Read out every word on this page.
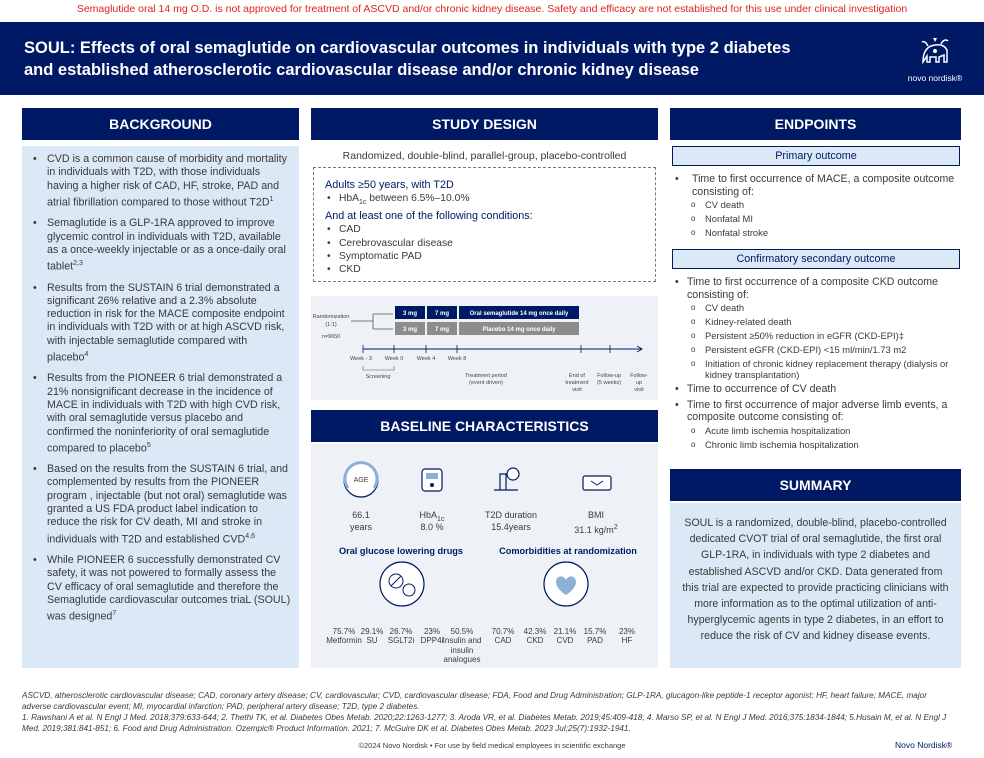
Semaglutide oral 14 mg O.D. is not approved for treatment of ASCVD and/or chronic kidney disease. Safety and efficacy are not established for this use under clinical investigation
SOUL: Effects of oral semaglutide on cardiovascular outcomes in individuals with type 2 diabetes
and established atherosclerotic cardiovascular disease and/or chronic kidney disease	novo nordisk®
BACKGROUND
• CVD is a common cause of morbidity and mortality in individuals with T2D, with those individuals having a higher risk of CAD, HF, stroke, PAD and atrial fibrillation compared to those without $T2D^1$
• Semaglutide is a GLP-1RA approved to improve glycemic control in individuals with T2D, available as a once-weekly injectable or as a once-daily oral tablet$^{2,3}$
• Results from the SUSTAIN 6 trial demonstrated a significant 26% relative and a 2.3% absolute reduction in risk for the MACE composite endpoint in individuals with T2D with or at high ASCVD risk, with injectable semaglutide compared with placebo$^4$
• Results from the PIONEER 6 trial demonstrated a 21% nonsignificant decrease in the incidence of MACE in individuals with T2D with high CVD risk, with oral semaglutide versus placebo and confirmed the noninferiority of oral semaglutide compared to placebo$^5$
• Based on the results from the SUSTAIN 6 trial, and complemented by results from the PIONEER program , injectable (but not oral) semaglutide was granted a US FDA product label indication to reduce the risk for CV death, MI and stroke in individuals with T2D and established CVD$^{4,6}$
• While PIONEER 6 successfully demonstrated CV safety, it was not powered to formally assess the CV efficacy of oral semaglutide and therefore the Semaglutide cardiovascular outcomes triaL (SOUL) was designed$^7$
STUDY DESIGN
Randomized, double-blind, parallel-group, placebo-controlled
Adults ≥50 years, with T2D
• HbA$_{1c}$ between 6.5%–10.0%
And at least one of the following conditions:
• CAD
• Cerebrovascular disease
• Symptomatic PAD
• CKD
Randomization
(1:1)
n=9650
3 mg	7 mg	Oral semaglutide 14 mg once daily
3 mg	7 mg	Placebo 14 mg once daily
Week - 3 Week 0 Week 4 Week 8
Screening	Treatment period
(event driven)
End of
treatment
visit
Follow-up
(5 weeks)
Follow-
up
visit
BASELINE CHARACTERISTICS
AGE
66.1
years
HbA$_{1c}$
8.0 %
T2D duration
15.4years
BMI
31.1 $kg/m^2$
Oral glucose lowering drugs	Comorbidities at randomization
75.7%
Metformin
29.1%
SU
26.7%
SGLT2i
23%
DPP4i
50.5%
Insulin and insulin analogues
70.7%
CAD
42.3%
CKD
21.1%
CVD
15.7%
PAD
23%
HF
ENDPOINTS
Primary outcome
• Time to first occurrence of MACE, a composite outcome consisting of:
o CV death
o Nonfatal MI
o Nonfatal stroke
Confirmatory secondary outcome
• Time to first occurrence of a composite CKD outcome consisting of:
o CV death
o Kidney-related death
o Persistent ≥50% reduction in eGFR (CKD-EPI)‡
o Persistent eGFR (CKD-EPI) <15 ml/min/1.73 m2
o Initiation of chronic kidney replacement therapy (dialysis or kidney transplantation)
• Time to occurrence of CV death
• Time to first occurrence of major adverse limb events, a composite outcome consisting of:
o Acute limb ischemia hospitalization
o Chronic limb ischemia hospitalization
SUMMARY
SOUL is a randomized, double-blind, placebo-controlled dedicated CVOT trial of oral semaglutide, the first oral GLP-1RA, in individuals with type 2 diabetes and established ASCVD and/or CKD. Data generated from this trial are expected to provide practicing clinicians with more information as to the optimal utilization of anti-hyperglycemic agents in type 2 diabetes, in an effort to reduce the risk of CV and kidney disease events.
ASCVD, atherosclerotic cardiovascular disease; CAD, coronary artery disease; CV, cardiovascular; CVD, cardiovascular disease; FDA, Food and Drug Administration; GLP-1RA, glucagon-like peptide-1 receptor agonist; HF, heart failure; MACE, major adverse cardiovascular event; MI, myocardial infarction; PAD, peripheral artery disease; T2D, type 2 diabetes.
1. Rawshani A et al. N Engl J Med. 2018;379:633-644; 2. Thethi TK, et al. Diabetes Obes Metab. 2020;22:1263-1277; 3. Aroda VR, et al. Diabetes Metab. 2019;45:409-418; 4. Marso SP, et al. N Engl J Med. 2016;375:1834-1844; 5.Husain M, et al. N Engl J Med. 2019;381:841-851; 6. Food and Drug Administration. Ozempic® Product Information. 2021; 7. McGuire DK et al. Diabetes Obes Metab. 2023 Jul;25(7):1932-1941.
©2024 Novo Nordisk • For use by field medical employees in scientific exchange	Novo Nordisk®
